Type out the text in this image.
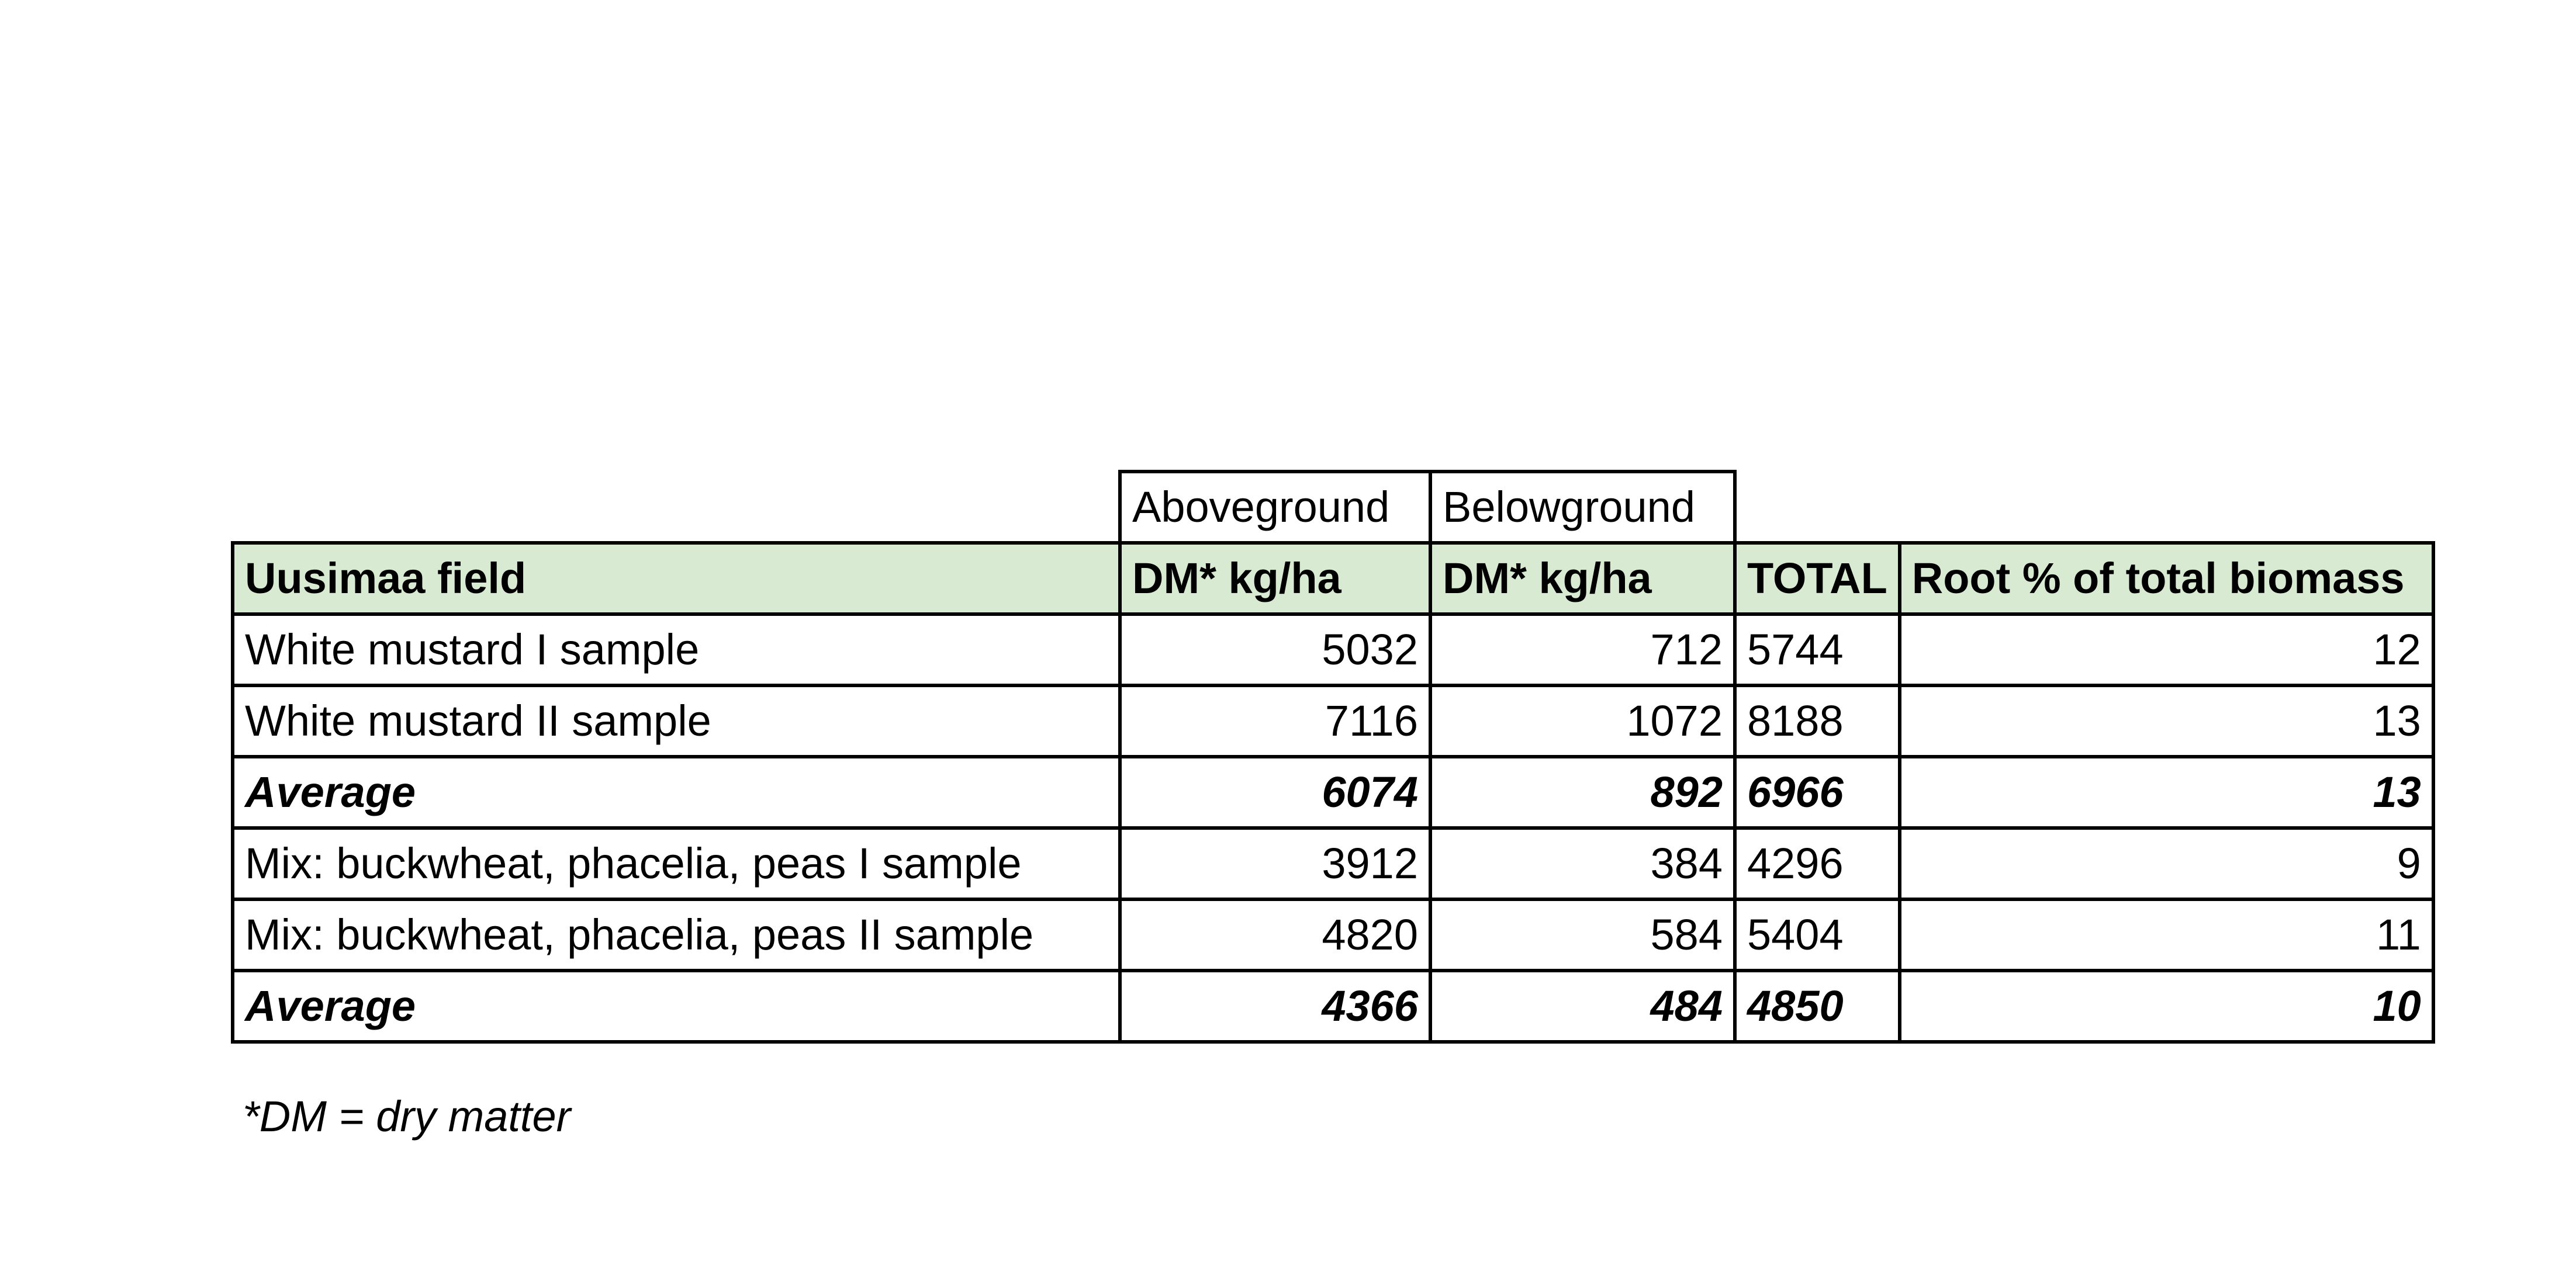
	Aboveground	Belowground		
Uusimaa field	DM* kg/ha	DM* kg/ha	TOTAL	Root % of total biomass
White mustard I sample	5032	712	5744	12
White mustard II sample	7116	1072	8188	13
Average	6074	892	6966	13
Mix: buckwheat, phacelia, peas I sample	3912	384	4296	9
Mix: buckwheat, phacelia, peas II sample	4820	584	5404	11
Average	4366	484	4850	10
*DM = dry matter
